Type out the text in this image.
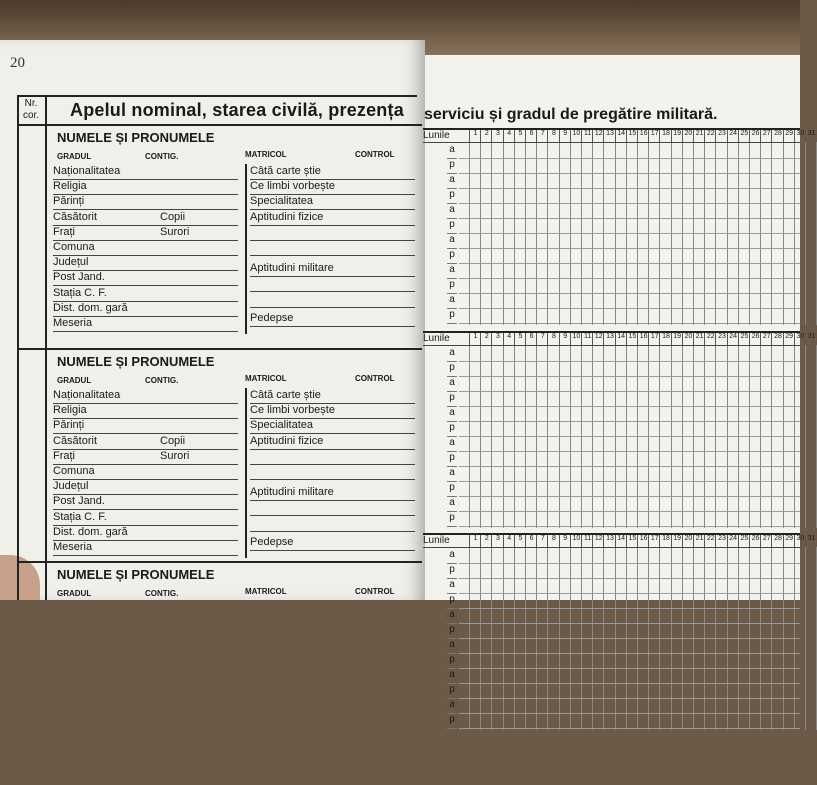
20
Nr. cor. Apelul nominal, starea civilă, prezența serviciu și gradul de pregătire militară.
NUMELE ȘI PRONUMELE
GRADUL	CONTIG.	MATRICOL	CONTROL
Naționalitatea
Religia
Părinți
Căsătorit	Copii
Frați	Surori
Comuna
Județul
Post Jand.
Stația C. F.
Dist. dom. gară
Meseria
Câtă carte știe
Ce limbi vorbește
Specialitatea
Aptitudini fizice
Aptitudini militare
Pedepse
NUMELE ȘI PRONUMELE
GRADUL	CONTIG.	MATRICOL	CONTROL
Naționalitatea
Religia
Părinți
Căsătorit	Copii
Frați	Surori
Comuna
Județul
Post Jand.
Stația C. F.
Dist. dom. gară
Meseria
Câtă carte știe
Ce limbi vorbește
Specialitatea
Aptitudini fizice
Aptitudini militare
Pedepse
NUMELE ȘI PRONUMELE
GRADUL	CONTIG.	MATRICOL	CONTROL
Lunile	1	2	3	4	5	6	7	8	9 10 11 12 13 14 15 16 17 18 19 20 21 22 23 24 25 26 27 28 29 30 31
a
p
a
p
a
p
a
p
a
p
a
p
Lunile	1	2	3	4	5	6	7	8	9 10 11 12 13 14 15 16 17 18 19 20 21 22 23 24 25 26 27 28 29 30 31
a
p
a
p
a
p
a
p
a
p
a
p
Lunile	1	2	3	4	5	6	7	8	9 10 11 12 13 14 15 16 17 18 19 20 21 22 23 24 25 26 27 28 29 30 31
a
p
a
p
a
p
a
p
a
p
a
p
